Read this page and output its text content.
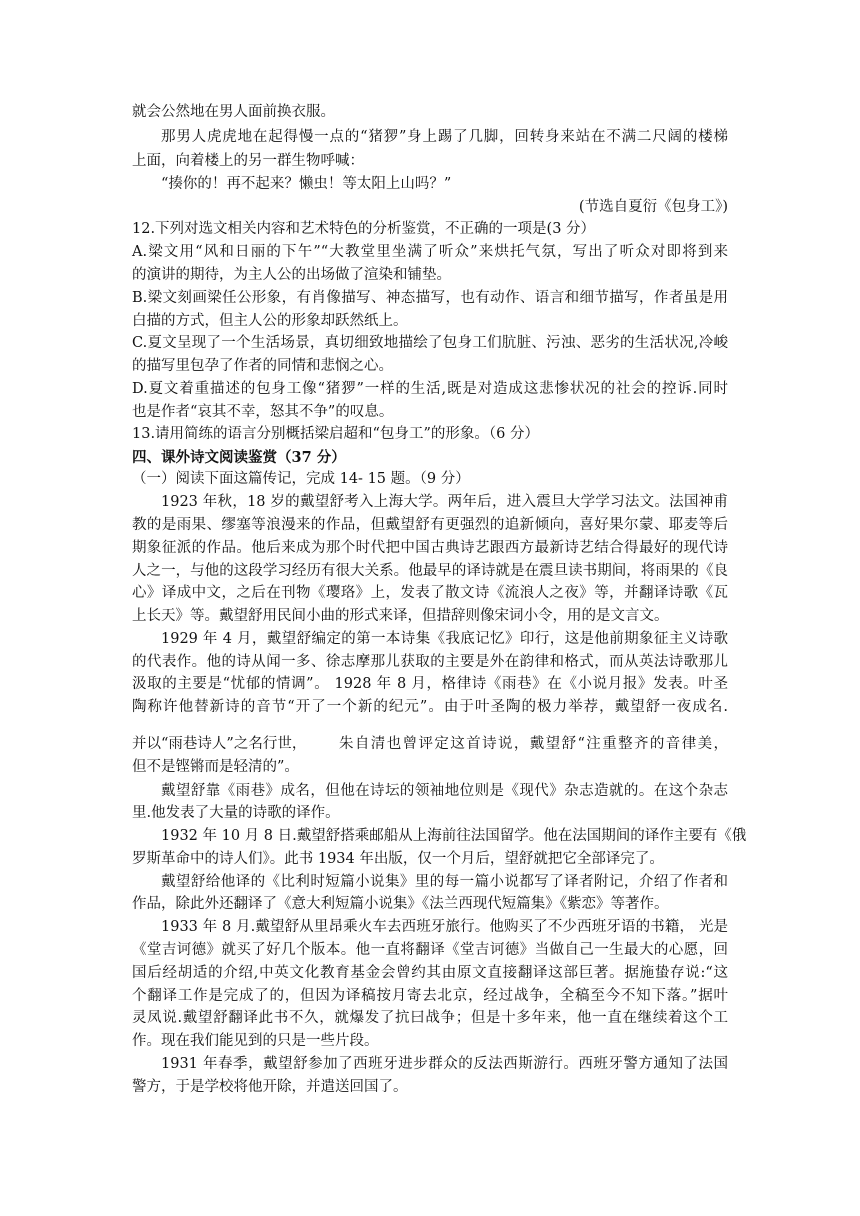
就会公然地在男人面前换衣服。
那男人虎虎地在起得慢一点的“猪猡”身上踢了几脚，回转身来站在不满二尺阔的楼梯
上面，向着楼上的另一群生物呼喊：
“揍你的！再不起来？懒虫！等太阳上山吗？”
(节选自夏衍《包身工》)
12.下列对选文相关内容和艺术特色的分析鉴赏，不正确的一项是(3 分）
A.梁文用“风和日丽的下午”“大教堂里坐满了听众”来烘托气氛，写出了听众对即将到来
的演讲的期待，为主人公的出场做了渲染和铺垫。
B.梁文刻画梁任公形象，有肖像描写、神态描写，也有动作、语言和细节描写，作者虽是用
白描的方式，但主人公的形象却跃然纸上。
C.夏文呈现了一个生活场景，真切细致地描绘了包身工们肮脏、污浊、恶劣的生活状况,冷峻
的描写里包孕了作者的同情和悲悯之心。
D.夏文着重描述的包身工像“猪猡”一样的生活,既是对造成这悲惨状况的社会的控诉.同时
也是作者“哀其不幸，怒其不争”的叹息。
13.请用简练的语言分别概括梁启超和“包身工”的形象。（6 分）
四、课外诗文阅读鉴赏（37 分）
（一）阅读下面这篇传记，完成 14- 15 题。（9 分）
1923 年秋，18 岁的戴望舒考入上海大学。两年后，进入震旦大学学习法文。法国神甫
教的是雨果、缪塞等浪漫来的作品，但戴望舒有更强烈的追新倾向，喜好果尔蒙、耶麦等后
期象征派的作品。他后来成为那个时代把中国古典诗艺跟西方最新诗艺结合得最好的现代诗
人之一，与他的这段学习经历有很大关系。他最早的译诗就是在震旦读书期间，将雨果的《良
心》译成中文，之后在刊物《璎珞》上，发表了散文诗《流浪人之夜》等，并翻译诗歌《瓦
上长天》等。戴望舒用民间小曲的形式来译，但措辞则像宋词小令，用的是文言文。
1929 年 4 月，戴望舒编定的第一本诗集《我底记忆》印行，这是他前期象征主义诗歌
的代表作。他的诗从闻一多、徐志摩那儿获取的主要是外在韵律和格式，而从英法诗歌那儿
汲取的主要是“忧郁的情调”。 1928 年 8 月，格律诗《雨巷》在《小说月报》发表。叶圣
陶称许他替新诗的音节“开了一个新的纪元”。由于叶圣陶的极力举荐，戴望舒一夜成名.
并以“雨巷诗人”之名行世， 朱自清也曾评定这首诗说，戴望舒“注重整齐的音律美，
但不是铿锵而是轻清的”。
戴望舒靠《雨巷》成名，但他在诗坛的领袖地位则是《现代》杂志造就的。在这个杂志
里.他发表了大量的诗歌的译作。
1932 年 10 月 8 日.戴望舒搭乘邮船从上海前往法国留学。他在法国期间的译作主要有《俄
罗斯革命中的诗人们》。此书 1934 年出版，仅一个月后，望舒就把它全部译完了。
戴望舒给他译的《比利时短篇小说集》里的每一篇小说都写了译者附记，介绍了作者和
作品，除此外还翻译了《意大利短篇小说集》《法兰西现代短篇集》《紫恋》等著作。
1933 年 8 月.戴望舒从里昂乘火车去西班牙旅行。他购买了不少西班牙语的书籍， 光是
《堂吉诃德》就买了好几个版本。他一直将翻译《堂吉诃德》当做自己一生最大的心愿，回
国后经胡适的介绍,中英文化教育基金会曾约其由原文直接翻译这部巨著。据施蛰存说:“这
个翻译工作是完成了的，但因为译稿按月寄去北京，经过战争，全稿至今不知下落。”据叶
灵凤说.戴望舒翻译此书不久，就爆发了抗曰战争；但是十多年来，他一直在继续着这个工
作。现在我们能见到的只是一些片段。
1931 年春季，戴望舒参加了西班牙进步群众的反法西斯游行。西班牙警方通知了法国
警方，于是学校将他开除，并遣送回国了。
